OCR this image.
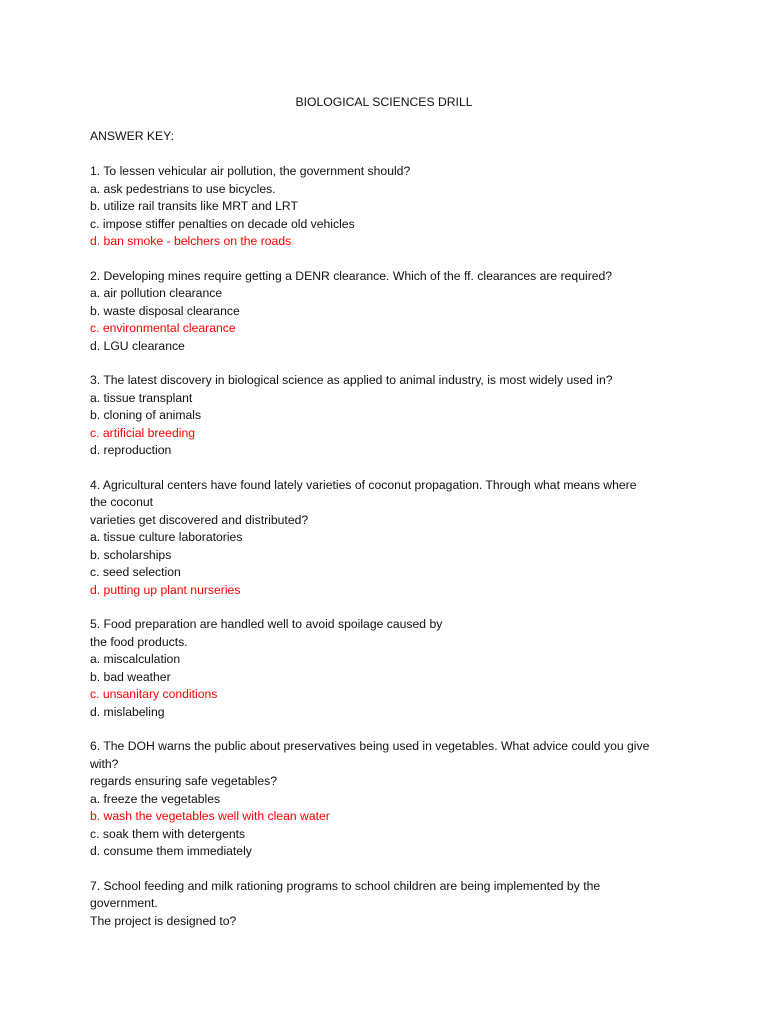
BIOLOGICAL SCIENCES DRILL
ANSWER KEY:
1. To lessen vehicular air pollution, the government should?
a. ask pedestrians to use bicycles.
b. utilize rail transits like MRT and LRT
c. impose stiffer penalties on decade old vehicles
d. ban smoke - belchers on the roads
2. Developing mines require getting a DENR clearance. Which of the ff. clearances are required?
a. air pollution clearance
b. waste disposal clearance
c. environmental clearance
d. LGU clearance
3. The latest discovery in biological science as applied to animal industry, is most widely used in?
a. tissue transplant
b. cloning of animals
c. artificial breeding
d. reproduction
4. Agricultural centers have found lately varieties of coconut propagation. Through what means where
the coconut
varieties get discovered and distributed?
a. tissue culture laboratories
b. scholarships
c. seed selection
d. putting up plant nurseries
5. Food preparation are handled well to avoid spoilage caused by
the food products.
a. miscalculation
b. bad weather
c. unsanitary conditions
d. mislabeling
6. The DOH warns the public about preservatives being used in vegetables. What advice could you give
with?
regards ensuring safe vegetables?
a. freeze the vegetables
b. wash the vegetables well with clean water
c. soak them with detergents
d. consume them immediately
7. School feeding and milk rationing programs to school children are being implemented by the
government.
The project is designed to?
